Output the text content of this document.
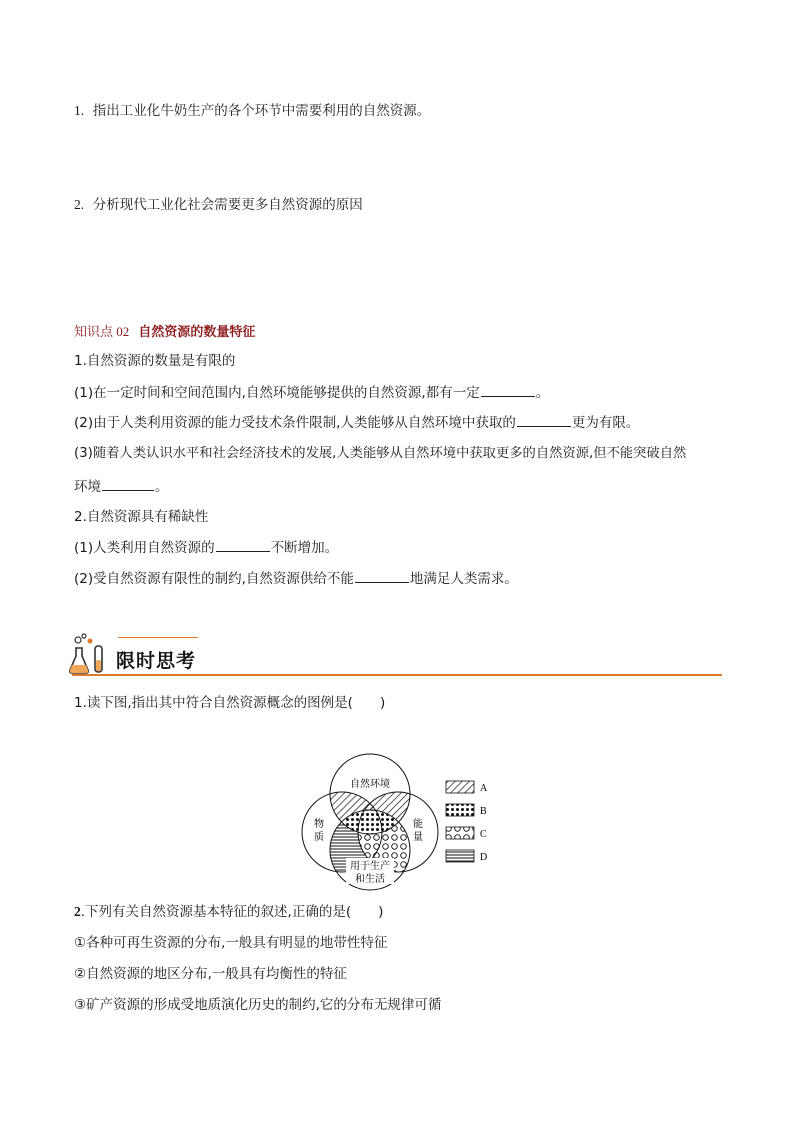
1. 指出工业化牛奶生产的各个环节中需要利用的自然资源。
2. 分析现代工业化社会需要更多自然资源的原因
知识点 02 自然资源的数量特征
1.自然资源的数量是有限的
(1)在一定时间和空间范围内,自然环境能够提供的自然资源,都有一定	。
(2)由于人类利用资源的能力受技术条件限制,人类能够从自然环境中获取的	更为有限。
(3)随着人类认识水平和社会经济技术的发展,人类能够从自然环境中获取更多的自然资源,但不能突破自然
环境	。
2.自然资源具有稀缺性
(1)人类利用自然资源的	不断增加。
(2)受自然资源有限性的制约,自然资源供给不能	地满足人类需求。
限时思考
1.读下图,指出其中符合自然资源概念的图例是(　　)
自然环境
物
质
能
量
用于生产
和生活
A
B
C
D
2.下列有关自然资源基本特征的叙述,正确的是(　　)
①各种可再生资源的分布,一般具有明显的地带性特征
②自然资源的地区分布,一般具有均衡性的特征
③矿产资源的形成受地质演化历史的制约,它的分布无规律可循
